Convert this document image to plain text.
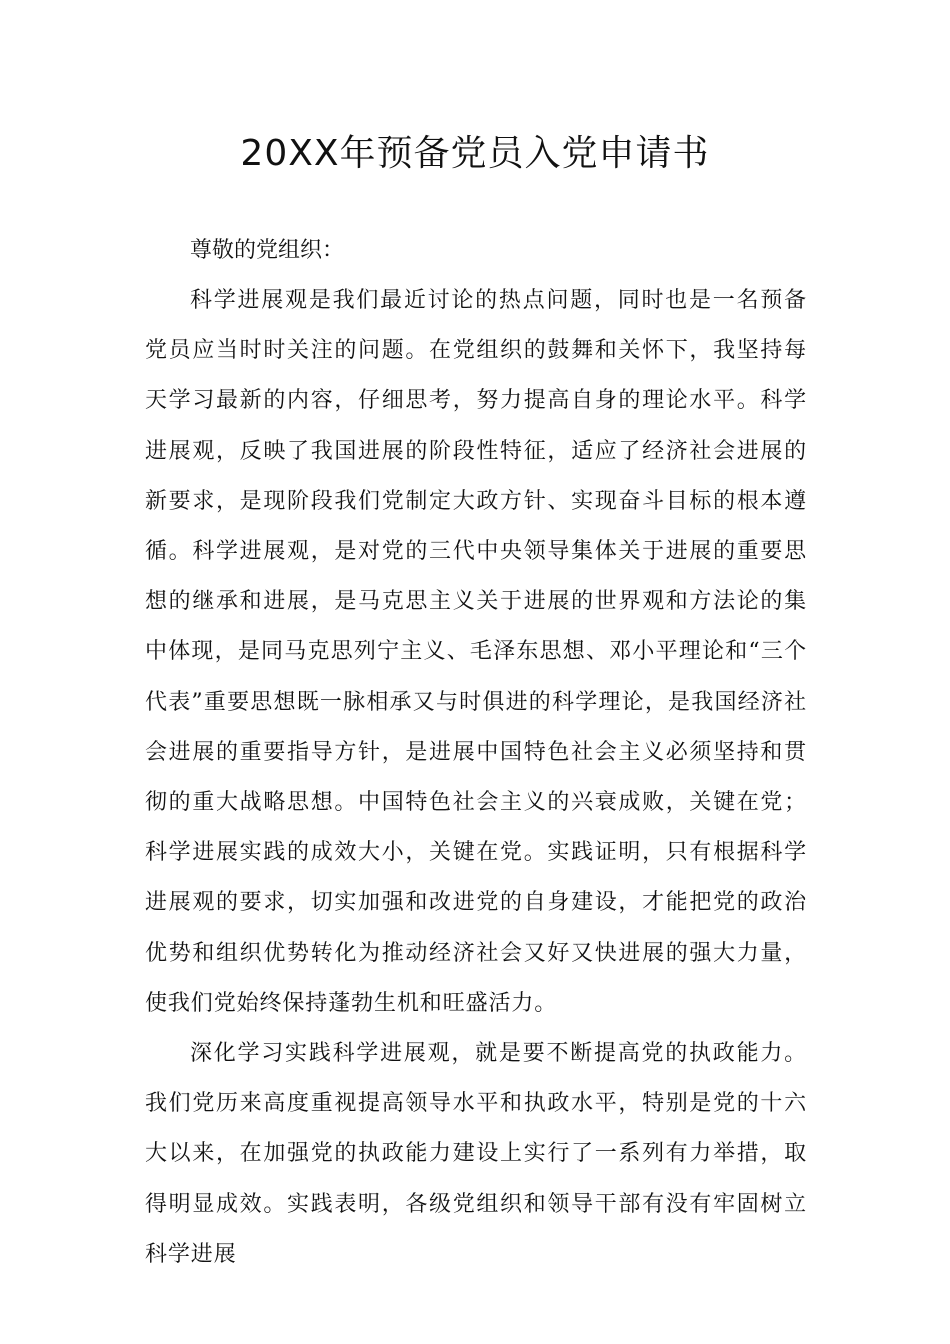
20XX年预备党员入党申请书

尊敬的党组织：

科学进展观是我们最近讨论的热点问题，同时也是一名预备党员应当时时关注的问题。在党组织的鼓舞和关怀下，我坚持每天学习最新的内容，仔细思考，努力提高自身的理论水平。科学进展观，反映了我国进展的阶段性特征，适应了经济社会进展的新要求，是现阶段我们党制定大政方针、实现奋斗目标的根本遵循。科学进展观，是对党的三代中央领导集体关于进展的重要思想的继承和进展，是马克思主义关于进展的世界观和方法论的集中体现，是同马克思列宁主义、毛泽东思想、邓小平理论和“三个代表”重要思想既一脉相承又与时俱进的科学理论，是我国经济社会进展的重要指导方针，是进展中国特色社会主义必须坚持和贯彻的重大战略思想。中国特色社会主义的兴衰成败，关键在党；科学进展实践的成效大小，关键在党。实践证明，只有根据科学进展观的要求，切实加强和改进党的自身建设，才能把党的政治优势和组织优势转化为推动经济社会又好又快进展的强大力量，使我们党始终保持蓬勃生机和旺盛活力。

深化学习实践科学进展观，就是要不断提高党的执政能力。我们党历来高度重视提高领导水平和执政水平，特别是党的十六大以来，在加强党的执政能力建设上实行了一系列有力举措，取得明显成效。实践表明，各级党组织和领导干部有没有牢固树立科学进展
